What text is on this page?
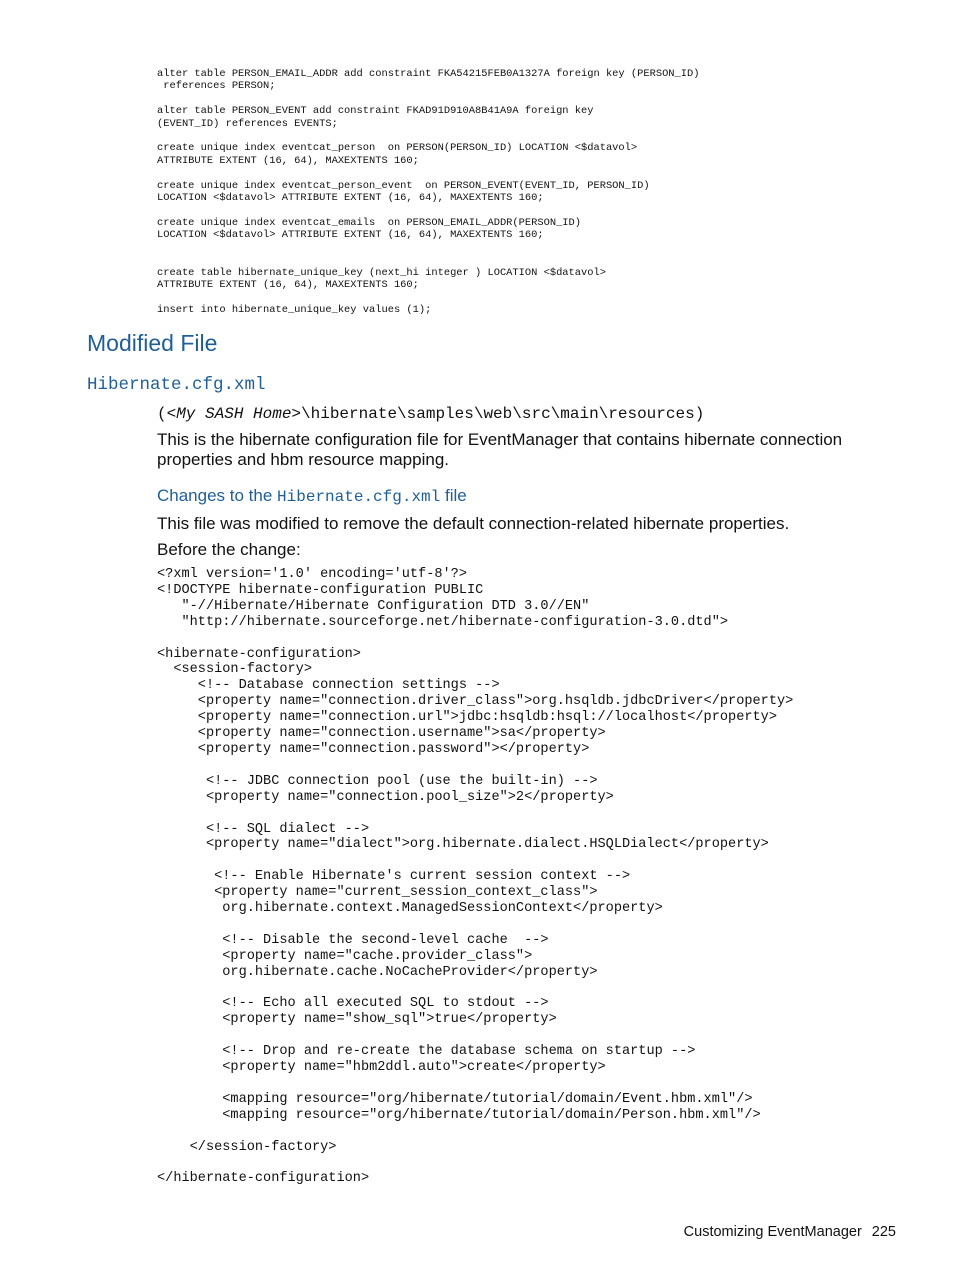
alter table PERSON_EMAIL_ADDR add constraint FKA54215FEB0A1327A foreign key (PERSON_ID)
references PERSON;

alter table PERSON_EVENT add constraint FKAD91D910A8B41A9A foreign key
(EVENT_ID) references EVENTS;

create unique index eventcat_person  on PERSON(PERSON_ID) LOCATION <$datavol>
ATTRIBUTE EXTENT (16, 64), MAXEXTENTS 160;

create unique index eventcat_person_event  on PERSON_EVENT(EVENT_ID, PERSON_ID)
LOCATION <$datavol> ATTRIBUTE EXTENT (16, 64), MAXEXTENTS 160;

create unique index eventcat_emails  on PERSON_EMAIL_ADDR(PERSON_ID)
LOCATION <$datavol> ATTRIBUTE EXTENT (16, 64), MAXEXTENTS 160;

create table hibernate_unique_key (next_hi integer ) LOCATION <$datavol>
ATTRIBUTE EXTENT (16, 64), MAXEXTENTS 160;

insert into hibernate_unique_key values (1);
Modified File
Hibernate.cfg.xml

(<My SASH Home>\hibernate\samples\web\src\main\resources)

This is the hibernate configuration file for EventManager that contains hibernate connection properties and hbm resource mapping.

Changes to the Hibernate.cfg.xml file

This file was modified to remove the default connection-related hibernate properties.

Before the change:

<?xml version='1.0' encoding='utf-8'?>
<!DOCTYPE hibernate-configuration PUBLIC
"-//Hibernate/Hibernate Configuration DTD 3.0//EN"
"http://hibernate.sourceforge.net/hibernate-configuration-3.0.dtd">

<hibernate-configuration>
<session-factory>
<!-- Database connection settings -->
<property name="connection.driver_class">org.hsqldb.jdbcDriver</property>
<property name="connection.url">jdbc:hsqldb:hsql://localhost</property>
<property name="connection.username">sa</property>
<property name="connection.password"></property>

<!-- JDBC connection pool (use the built-in) -->
<property name="connection.pool_size">2</property>

<!-- SQL dialect -->
<property name="dialect">org.hibernate.dialect.HSQLDialect</property>

<!-- Enable Hibernate's current session context -->
<property name="current_session_context_class">
org.hibernate.context.ManagedSessionContext</property>

<!-- Disable the second-level cache  -->
<property name="cache.provider_class">
org.hibernate.cache.NoCacheProvider</property>

<!-- Echo all executed SQL to stdout -->
<property name="show_sql">true</property>

<!-- Drop and re-create the database schema on startup -->
<property name="hbm2ddl.auto">create</property>

<mapping resource="org/hibernate/tutorial/domain/Event.hbm.xml"/>
<mapping resource="org/hibernate/tutorial/domain/Person.hbm.xml"/>

</session-factory>

</hibernate-configuration>
Customizing EventManager 225
